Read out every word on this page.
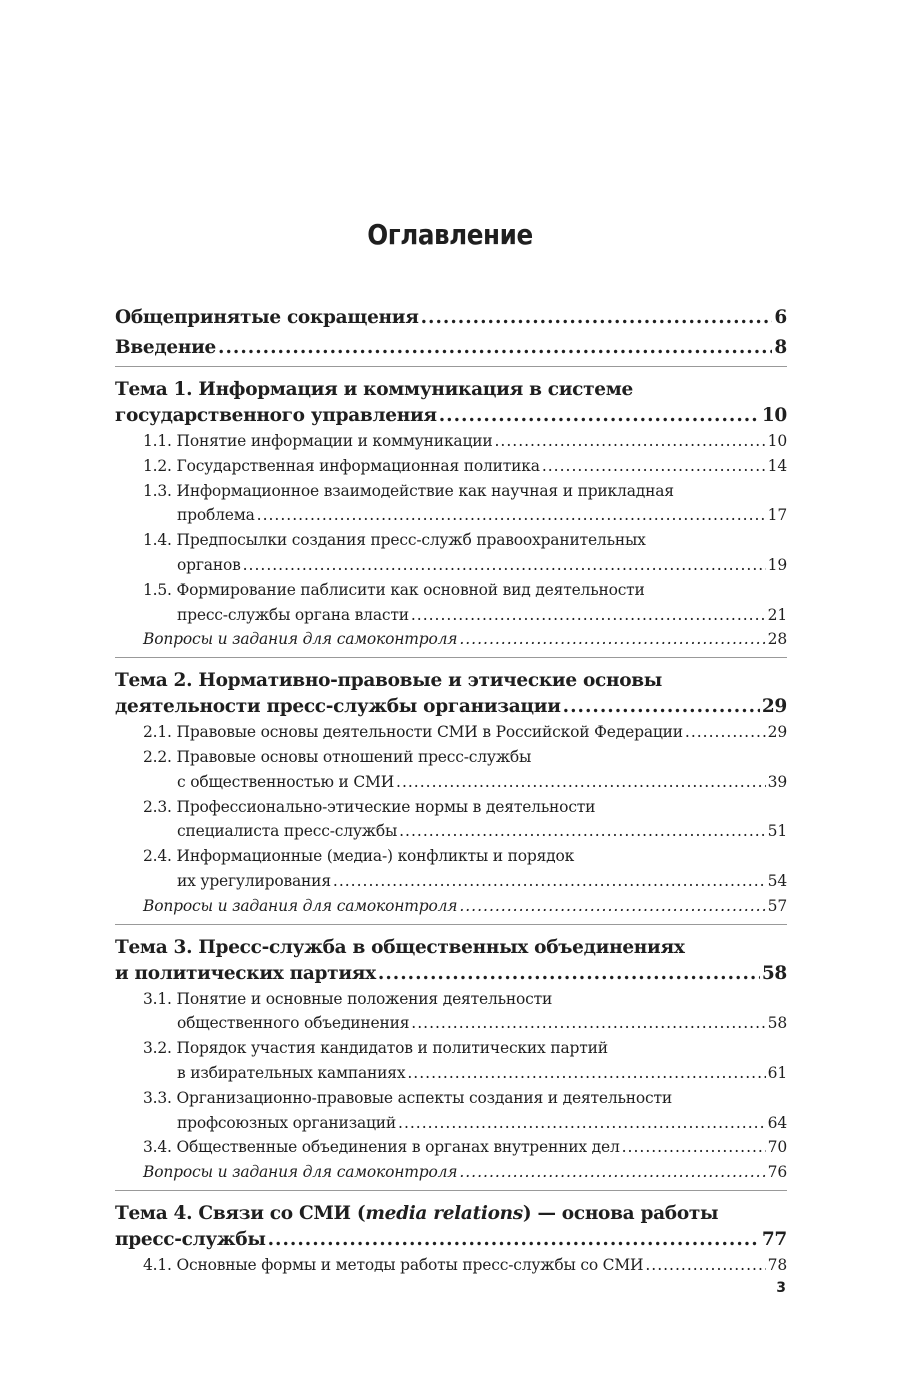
Оглавление
Общепринятые сокращения .....	6
Введение .....	8
Тема 1. Информация и коммуникация в системе
государственного управления .....	10
1.1. Понятие информации и коммуникации .....	10
1.2. Государственная информационная политика .....	14
1.3. Информационное взаимодействие как научная и прикладная
проблема .....	17
1.4. Предпосылки создания пресс-служб правоохранительных
органов .....	19
1.5. Формирование паблисити как основной вид деятельности
пресс-службы органа власти .....	21
Вопросы и задания для самоконтроля .....	28
Тема 2. Нормативно-правовые и этические основы
деятельности пресс-службы организации .....	29
2.1. Правовые основы деятельности СМИ в Российской Федерации .....	29
2.2. Правовые основы отношений пресс-службы
с общественностью и СМИ .....	39
2.3. Профессионально-этические нормы в деятельности
специалиста пресс-службы .....	51
2.4. Информационные (медиа-) конфликты и порядок
их урегулирования .....	54
Вопросы и задания для самоконтроля .....	57
Тема 3. Пресс-служба в общественных объединениях
и политических партиях .....	58
3.1. Понятие и основные положения деятельности
общественного объединения .....	58
3.2. Порядок участия кандидатов и политических партий
в избирательных кампаниях .....	61
3.3. Организационно-правовые аспекты создания и деятельности
профсоюзных организаций .....	64
3.4. Общественные объединения в органах внутренних дел .....	70
Вопросы и задания для самоконтроля .....	76
Тема 4. Связи со СМИ (media relations) — основа работы
пресс-службы .....	77
4.1. Основные формы и методы работы пресс-службы со СМИ .....	78
3
